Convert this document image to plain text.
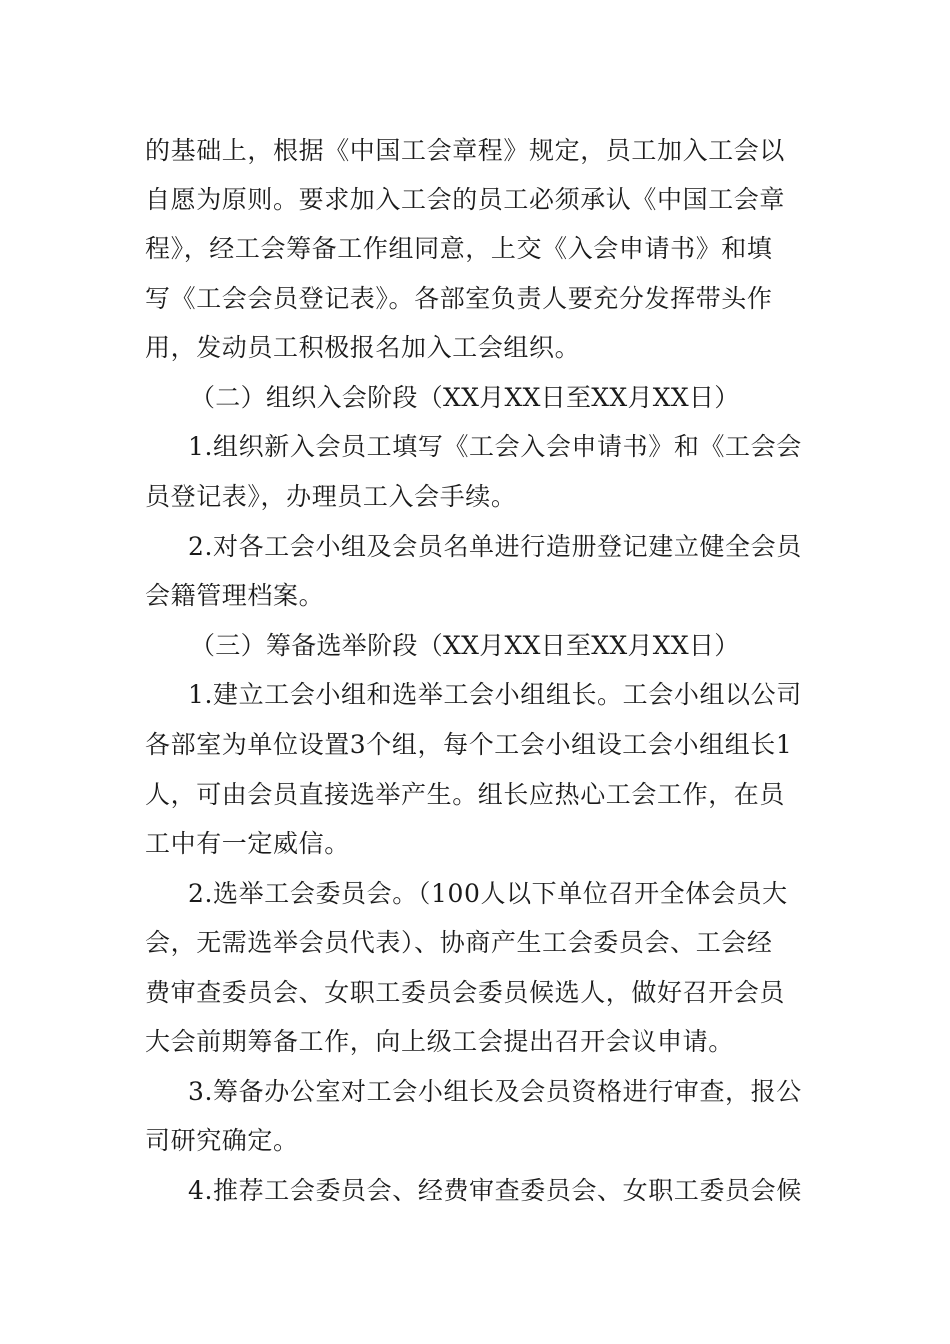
的基础上，根据《中国工会章程》规定，员工加入工会以
自愿为原则。要求加入工会的员工必须承认《中国工会章
程》，经工会筹备工作组同意，上交《入会申请书》和填
写《工会会员登记表》。各部室负责人要充分发挥带头作
用，发动员工积极报名加入工会组织。
（二）组织入会阶段（XX月XX日至XX月XX日）
1.组织新入会员工填写《工会入会申请书》和《工会会
员登记表》，办理员工入会手续。
2.对各工会小组及会员名单进行造册登记建立健全会员
会籍管理档案。
（三）筹备选举阶段（XX月XX日至XX月XX日）
1.建立工会小组和选举工会小组组长。工会小组以公司
各部室为单位设置3个组，每个工会小组设工会小组组长1
人，可由会员直接选举产生。组长应热心工会工作，在员
工中有一定威信。
2.选举工会委员会。（100人以下单位召开全体会员大
会，无需选举会员代表）、协商产生工会委员会、工会经
费审查委员会、女职工委员会委员候选人，做好召开会员
大会前期筹备工作，向上级工会提出召开会议申请。
3.筹备办公室对工会小组长及会员资格进行审查，报公
司研究确定。
4.推荐工会委员会、经费审查委员会、女职工委员会候
